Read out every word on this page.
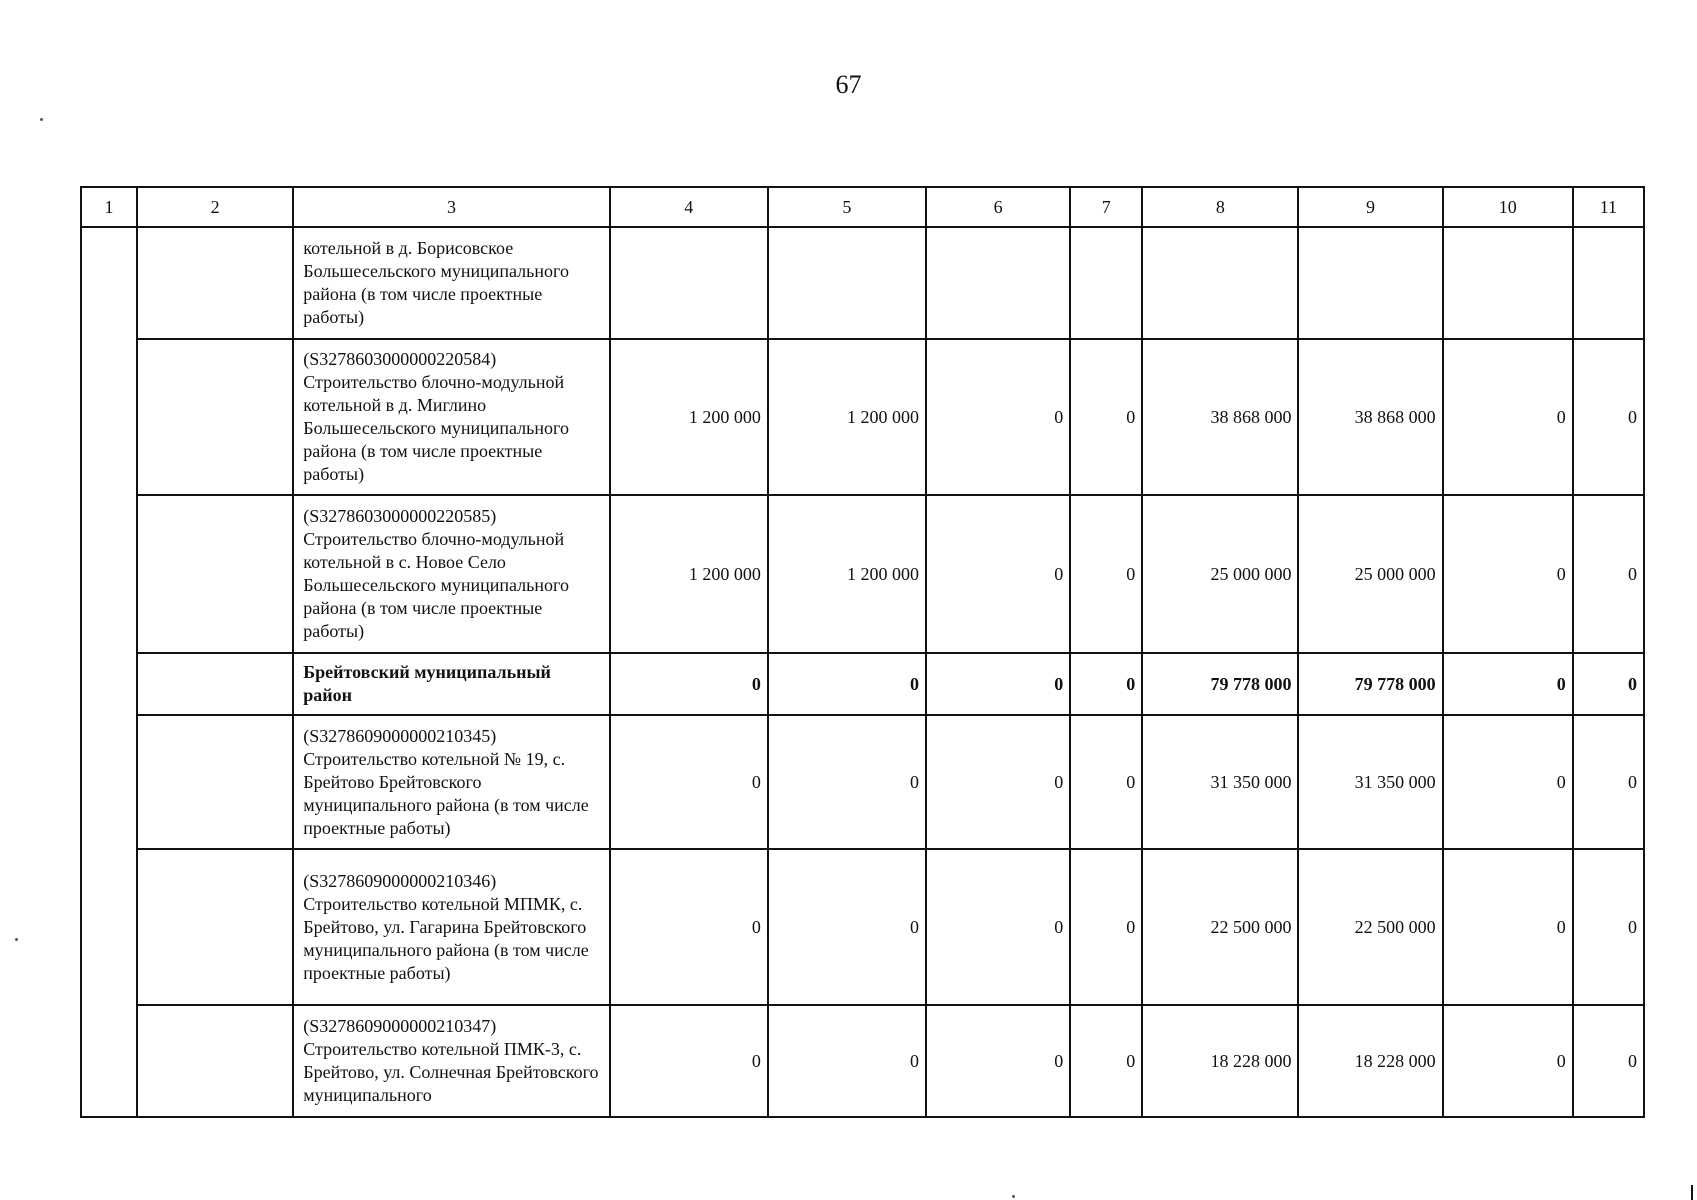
67
1	2	3	4	5	6	7	8	9	10	11
		котельной в д. Борисовское Большесельского муниципального района (в том числе проектные работы)								
		(S3278603000000220584) Строительство блочно-модульной котельной в д. Миглино Большесельского муниципального района (в том числе проектные работы)	1 200 000	1 200 000	0	0	38 868 000	38 868 000	0	0
		(S3278603000000220585) Строительство блочно-модульной котельной в с. Новое Село Большесельского муниципального района (в том числе проектные работы)	1 200 000	1 200 000	0	0	25 000 000	25 000 000	0	0
		Брейтовский муниципальный район	0	0	0	0	79 778 000	79 778 000	0	0
		(S3278609000000210345) Строительство котельной № 19, с. Брейтово Брейтовского муниципального района (в том числе проектные работы)	0	0	0	0	31 350 000	31 350 000	0	0
		(S3278609000000210346) Строительство котельной МПМК, с. Брейтово, ул. Гагарина Брейтовского муниципального района (в том числе проектные работы)	0	0	0	0	22 500 000	22 500 000	0	0
		(S3278609000000210347) Строительство котельной ПМК-3, с. Брейтово, ул. Солнечная Брейтовского муниципального	0	0	0	0	18 228 000	18 228 000	0	0
